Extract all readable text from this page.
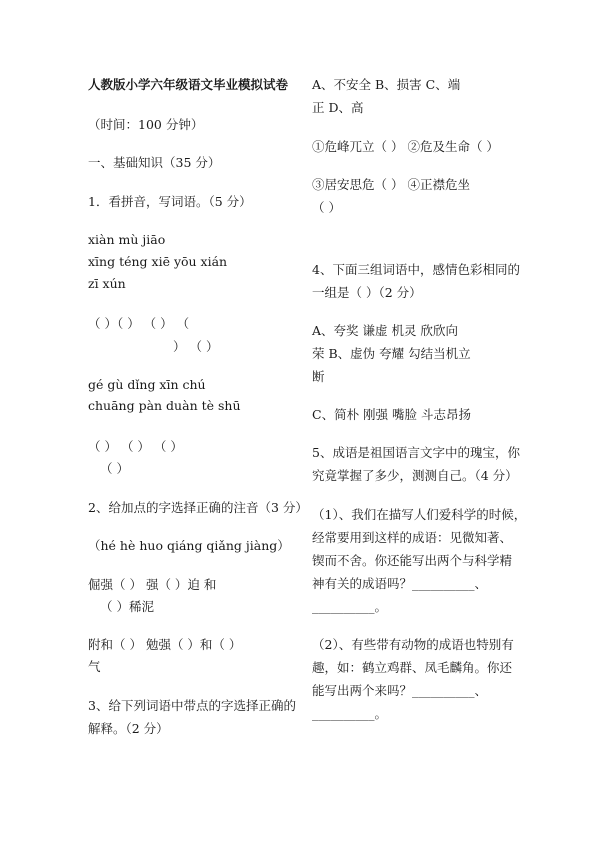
人教版小学六年级语文毕业模拟试卷
（时间：100 分钟）
一、基础知识（35 分）
1．看拼音，写词语。（5 分）
xiàn mù jiāo
xīng téng xiē yōu xián
zī xún
（ ）（ ） （ ） （
） （ ）
gé gù dǐng xīn chú
chuāng pàn duàn tè shū
（ ） （ ） （ ）
（ ）
2、给加点的字选择正确的注音（3 分）
（hé hè huo qiáng qiǎng jiàng）
倔强（ ） 强（ ）迫 和
（ ）稀泥
附和（ ） 勉强（ ）和（ ）
气
3、给下列词语中带点的字选择正确的
解释。（2 分）
A、不安全 B、损害 C、端
正 D、高
①危峰兀立（ ） ②危及生命（ ）
③居安思危（ ） ④正襟危坐
（ ）
4、下面三组词语中，感情色彩相同的
一组是（ ）（2 分）
A、夸奖 谦虚 机灵 欣欣向
荣 B、虚伪 夸耀 勾结当机立
断
C、简朴 刚强 嘴脸 斗志昂扬
5、成语是祖国语言文字中的瑰宝，你
究竟掌握了多少，测测自己。（4 分）
（1）、我们在描写人们爱科学的时候，
经常要用到这样的成语：见微知著、
锲而不舍。你还能写出两个与科学精
神有关的成语吗？__________、
__________。
（2）、有些带有动物的成语也特别有
趣，如：鹤立鸡群、凤毛麟角。你还
能写出两个来吗？__________、
__________。
